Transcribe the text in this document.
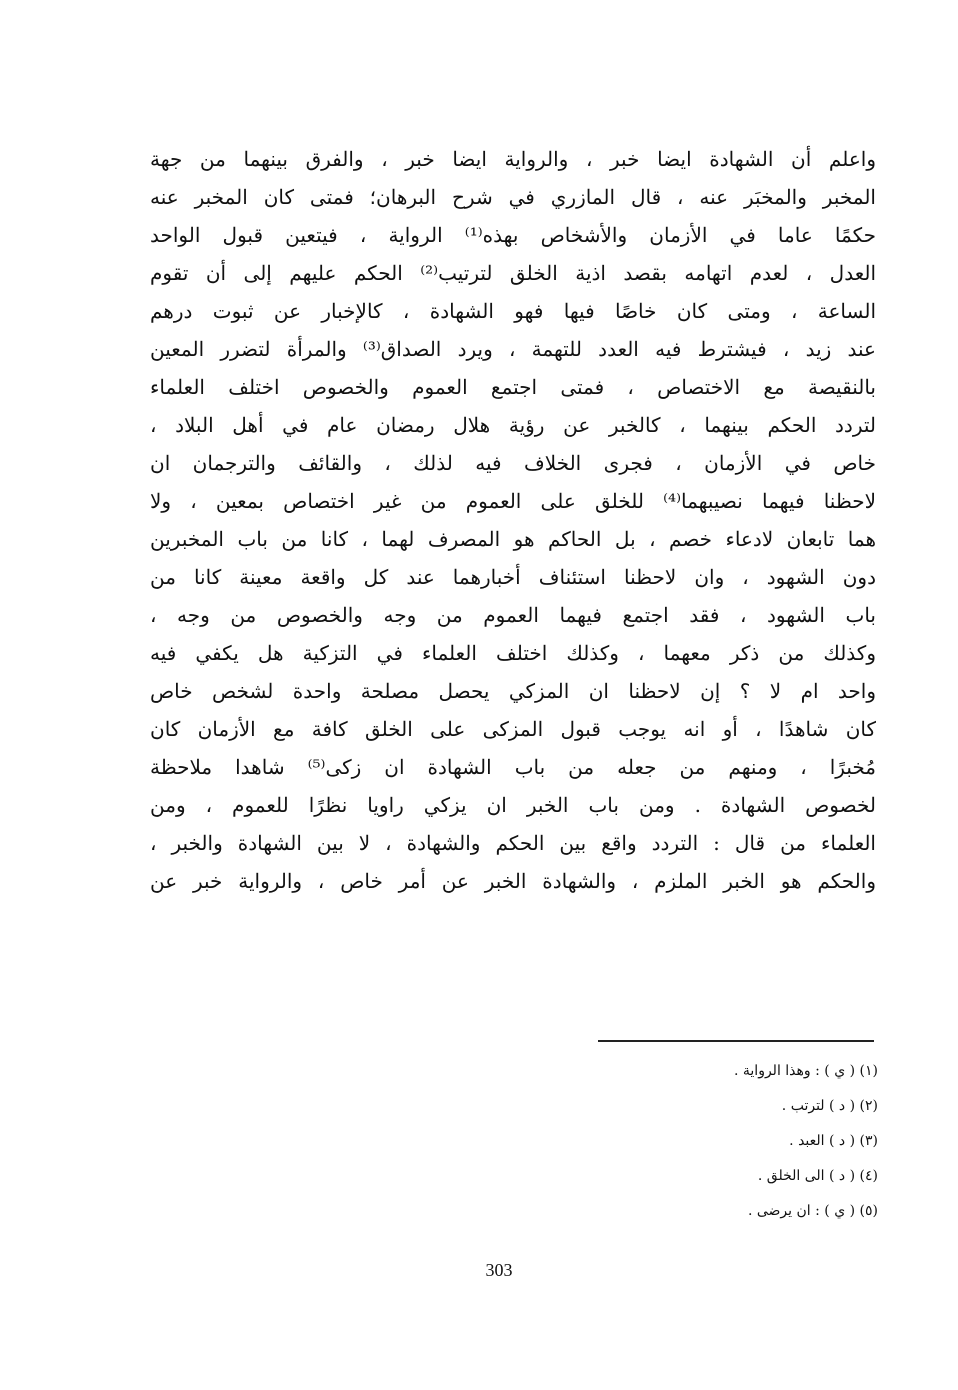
واعلم أن الشهادة ايضا خبر ، والرواية ايضا خبر ، والفرق بينهما من جهة
المخبر والمخبَر عنه ، قال المازري في شرح البرهان؛ فمتى كان المخبر عنه
حكمًا عاما في الأزمان والأشخاص بهذه⁽¹⁾ الرواية ، فيتعين قبول الواحد
العدل ، لعدم اتهامه بقصد اذية الخلق لترتيب⁽²⁾ الحكم عليهم إلى أن تقوم
الساعة ، ومتى كان خاصًا فيها فهو الشهادة ، كالإخبار عن ثبوت درهم
عند زيد ، فيشترط فيه العدد للتهمة ، ويرد الصداق⁽³⁾ والمرأة لتضرر المعين
بالنقيصة مع الاختصاص ، فمتى اجتمع العموم والخصوص اختلف العلماء
لتردد الحكم بينهما ، كالخبر عن رؤية هلال رمضان عام في أهل البلاد ،
خاص في الأزمان ، فجرى الخلاف فيه لذلك ، والقائف والترجمان ان
لاحظنا فيهما نصيبهما⁽⁴⁾ للخلق على العموم من غير اختصاص بمعين ، ولا
هما تابعان لادعاء خصم ، بل الحاكم هو المصرف لهما ، كانا من باب المخبرين
دون الشهود ، وان لاحظنا استئناف أخبارهما عند كل واقعة معينة كانا من
باب الشهود ، فقد اجتمع فيهما العموم من وجه والخصوص من وجه ،
وكذلك من ذكر معهما ، وكذلك اختلف العلماء في التزكية هل يكفي فيه
واحد ام لا ؟ إن لاحظنا ان المزكي يحصل مصلحة واحدة لشخص خاص
كان شاهدًا ، أو انه يوجب قبول المزكى على الخلق كافة مع الأزمان كان
مُخبرًا ، ومنهم من جعله من باب الشهادة ان زكى⁽⁵⁾ شاهدا ملاحظة
لخصوص الشهادة . ومن باب الخبر ان يزكي راويا نظرًا للعموم ، ومن
العلماء من قال : التردد واقع بين الحكم والشهادة ، لا بين الشهادة والخبر ،
والحكم هو الخبر الملزم ، والشهادة الخبر عن أمر خاص ، والرواية خبر عن
(١) ( ي ) : وهذا الرواية .
(٢) ( د ) لترتب .
(٣) ( د ) العبد .
(٤) ( د ) الى الخلق .
(٥) ( ي ) : ان يرضى .
303
